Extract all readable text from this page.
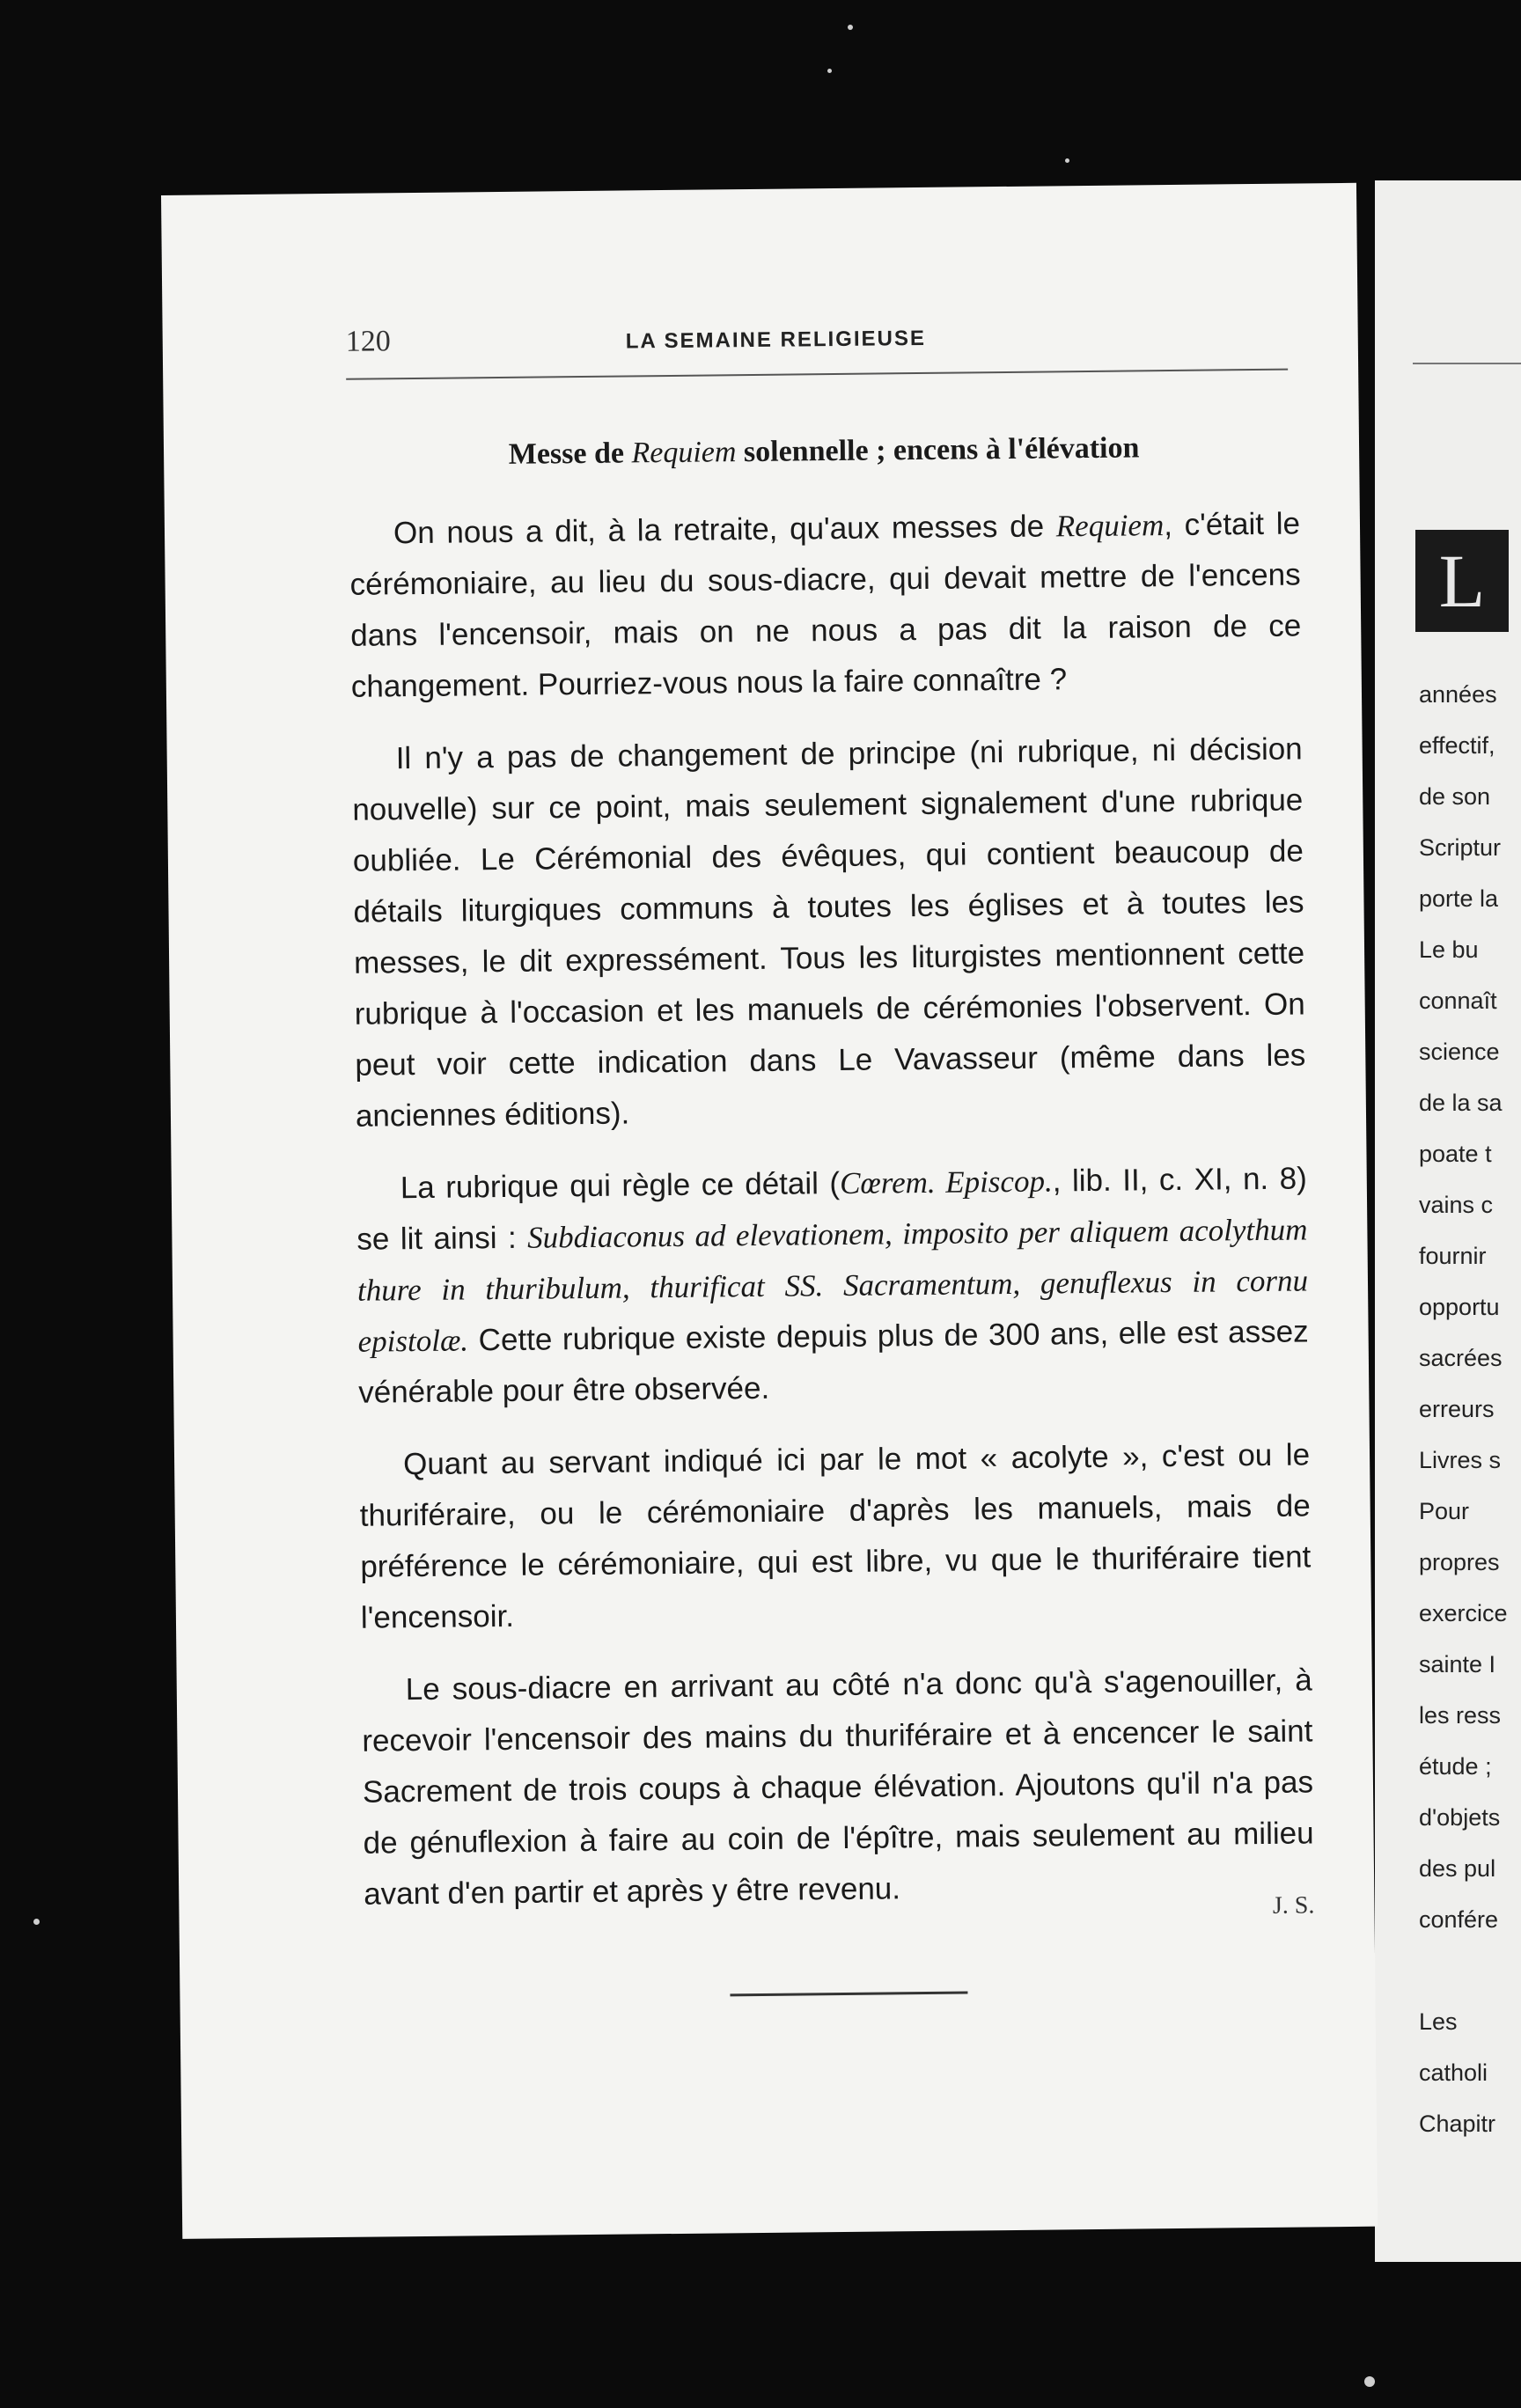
L
années
effectif,
de son
Scriptur
porte la
Le bu
connaît
science
de la sa
poate t
vains c
fournir
opportu
sacrées
erreurs
Livres s
Pour
propres
exercice
sainte I
les ress
étude ;
d'objets
des pul
confére
Les
catholi
Chapitr
120	LA SEMAINE RELIGIEUSE
Messe de Requiem solennelle ; encens à l'élévation

On nous a dit, à la retraite, qu'aux messes de Requiem, c'était le cérémoniaire, au lieu du sous-diacre, qui devait mettre de l'encens dans l'encensoir, mais on ne nous a pas dit la raison de ce changement. Pourriez-vous nous la faire connaître ?

Il n'y a pas de changement de principe (ni rubrique, ni décision nouvelle) sur ce point, mais seulement signalement d'une rubrique oubliée. Le Cérémonial des évêques, qui contient beaucoup de détails liturgiques communs à toutes les églises et à toutes les messes, le dit expressément. Tous les liturgistes mentionnent cette rubrique à l'occasion et les manuels de cérémonies l'observent. On peut voir cette indication dans Le Vavasseur (même dans les anciennes éditions).

La rubrique qui règle ce détail (Cœrem. Episcop., lib. II, c. XI, n. 8) se lit ainsi : Subdiaconus ad elevationem, imposito per aliquem acolythum thure in thuribulum, thurificat SS. Sacramentum, genuflexus in cornu epistolæ. Cette rubrique existe depuis plus de 300 ans, elle est assez vénérable pour être observée.

Quant au servant indiqué ici par le mot « acolyte », c'est ou le thuriféraire, ou le cérémoniaire d'après les manuels, mais de préférence le cérémoniaire, qui est libre, vu que le thuriféraire tient l'encensoir.

Le sous-diacre en arrivant au côté n'a donc qu'à s'agenouiller, à recevoir l'encensoir des mains du thuriféraire et à encencer le saint Sacrement de trois coups à chaque élévation. Ajoutons qu'il n'a pas de génuflexion à faire au coin de l'épître, mais seulement au milieu avant d'en partir et après y être revenu.	J. S.
